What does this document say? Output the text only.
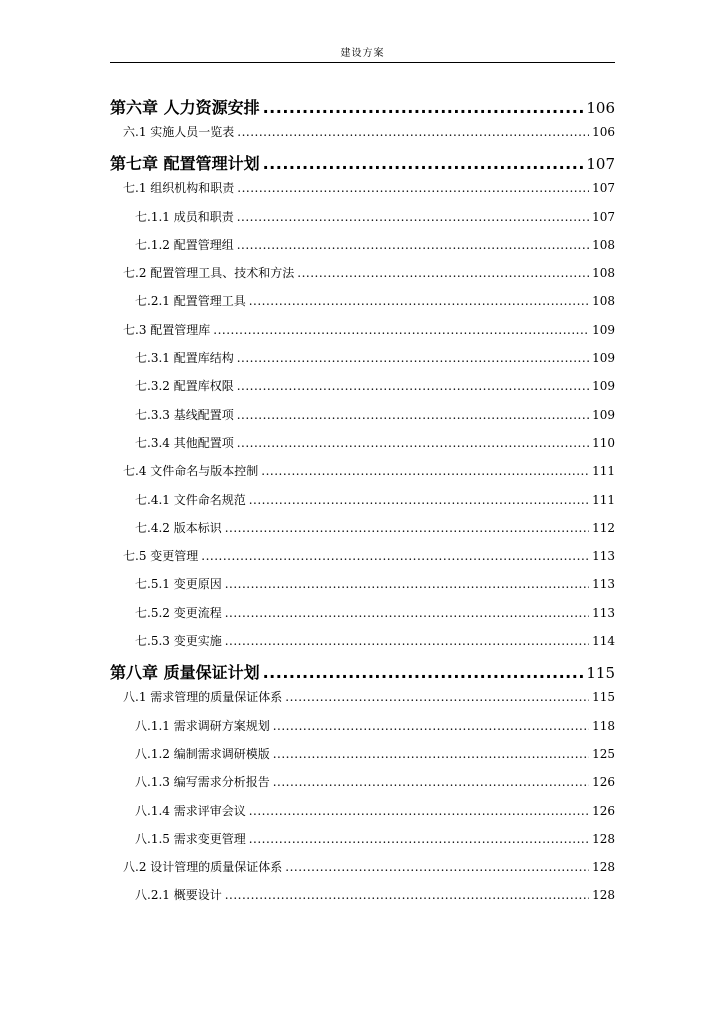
建设方案
第六章 人力资源安排 .....	106
六.1 实施人员一览表 .....	106
第七章 配置管理计划 .....	107
七.1 组织机构和职责 .....	107
七.1.1 成员和职责 .....	107
七.1.2 配置管理组 .....	108
七.2 配置管理工具、技术和方法 .....	108
七.2.1 配置管理工具 .....	108
七.3 配置管理库 .....	109
七.3.1 配置库结构 .....	109
七.3.2 配置库权限 .....	109
七.3.3 基线配置项 .....	109
七.3.4 其他配置项 .....	110
七.4 文件命名与版本控制 .....	111
七.4.1 文件命名规范 .....	111
七.4.2 版本标识 .....	112
七.5 变更管理 .....	113
七.5.1 变更原因 .....	113
七.5.2 变更流程 .....	113
七.5.3 变更实施 .....	114
第八章 质量保证计划 .....	115
八.1 需求管理的质量保证体系 .....	115
八.1.1 需求调研方案规划 .....	118
八.1.2 编制需求调研模版 .....	125
八.1.3 编写需求分析报告 .....	126
八.1.4 需求评审会议 .....	126
八.1.5 需求变更管理 .....	128
八.2 设计管理的质量保证体系 .....	128
八.2.1 概要设计 .....	128
